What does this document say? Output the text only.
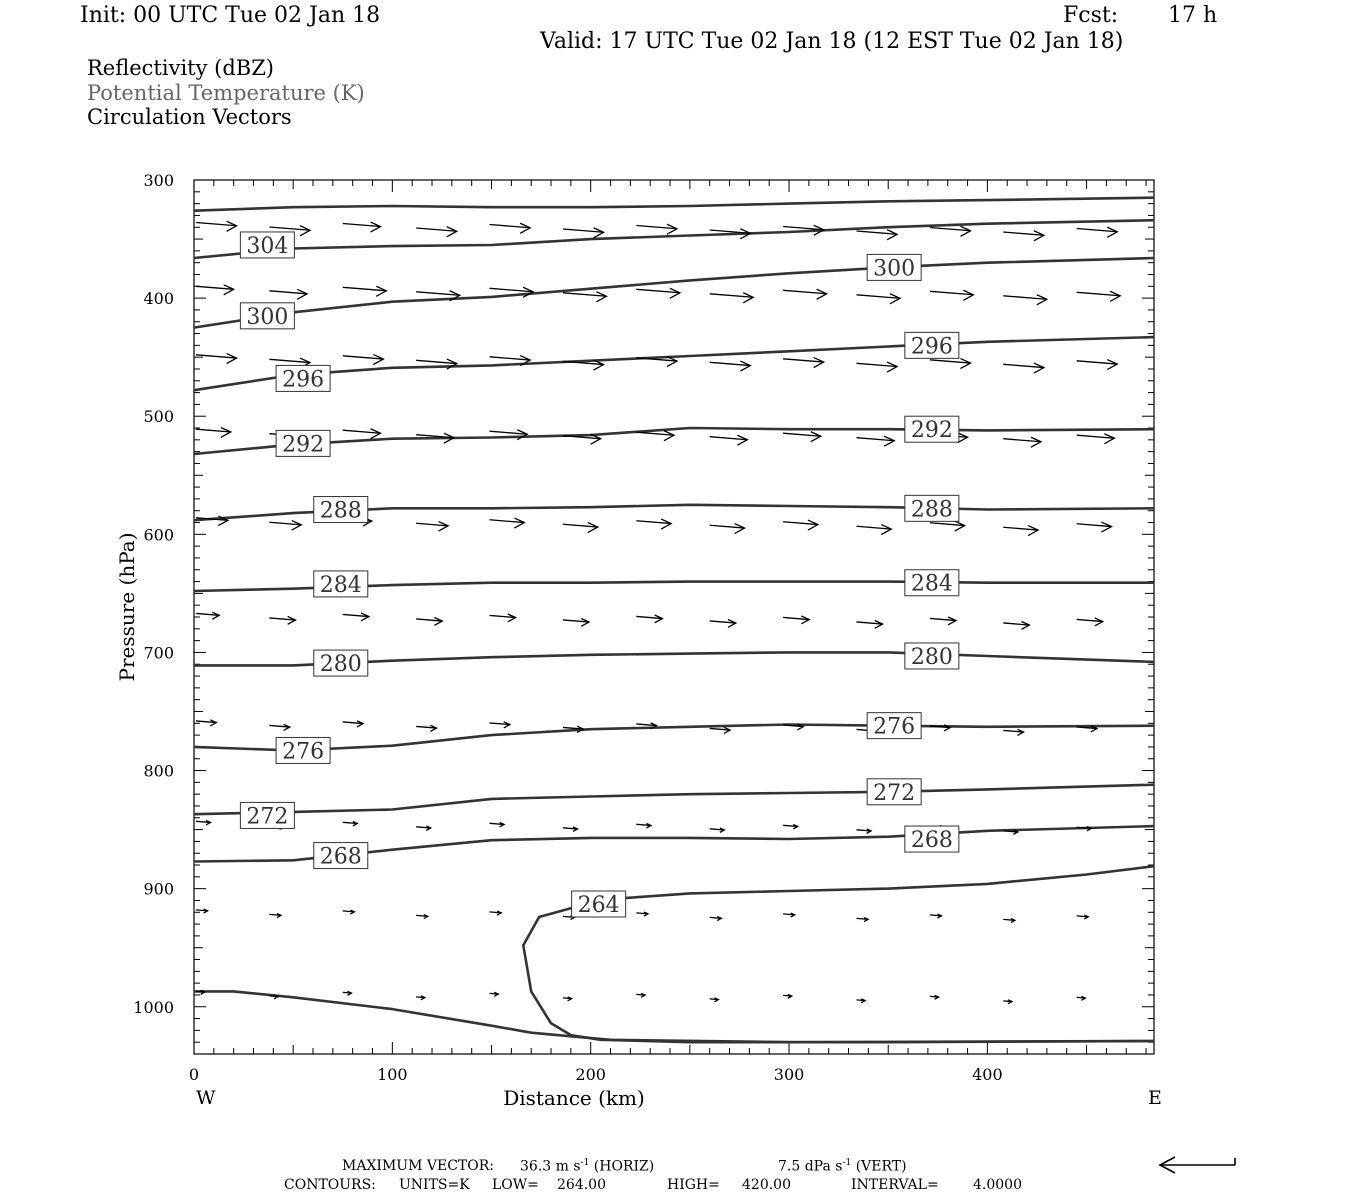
Init: 00 UTC Tue 02 Jan 18	Fcst: 17 h
Valid: 17 UTC Tue 02 Jan 18 (12 EST Tue 02 Jan 18)
Reflectivity (dBZ)
Potential Temperature (K)
Circulation Vectors
304
300
300
296
296
292
292
288	288
284	284
280	280
276
276
272
272
268
268
264
0	100	200	300	400
300
400
500
600
700
800
900
1000
W	E
Distance (km)
Pressure (hPa)
MAXIMUM VECTOR: 36.3 m $s^{-1}$ (HORIZ)	7.5 dPa $s^{-1}$ (VERT)
CONTOURS: UNITS=K LOW= 264.00	HIGH= 420.00	INTERVAL= 4.0000
